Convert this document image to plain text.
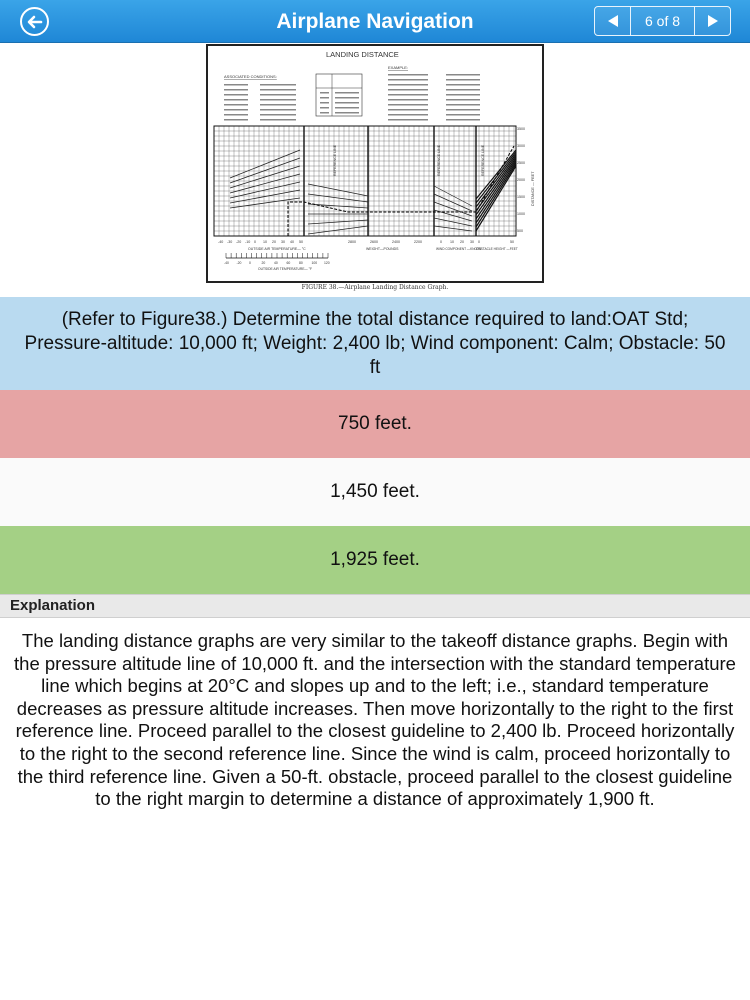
Airplane Navigation	6 of 8
LANDING DISTANCE
ASSOCIATED CONDITIONS:
EXAMPLE:
REFERENCE LINE	REFERENCE LINE	REFERENCE LINE
3500
3000
2500
2000
1500
1000
500
DISTANCE — FEET
-40 -30 -20 -10 0 10 20 30 40 50
OUTSIDE AIR TEMPERATURE— °C
-40 -20 0	20	40	60	80	100 120
OUTSIDE AIR TEMPERATURE— °F
2800	2600	2400	2200
WEIGHT—POUNDS
0 10 20 30
WIND COMPONENT —KNOTS
0	50
OBSTACLE HEIGHT —FEET
FIGURE 38.—Airplane Landing Distance Graph.
(Refer to Figure38.) Determine the total distance required to land:OAT Std; Pressure-altitude: 10,000 ft; Weight: 2,400 lb; Wind component: Calm; Obstacle: 50 ft
750 feet.
1,450 feet.
1,925 feet.
Explanation
The landing distance graphs are very similar to the takeoff distance graphs. Begin with the pressure altitude line of 10,000 ft. and the intersection with the standard temperature line which begins at 20°C and slopes up and to the left; i.e., standard temperature decreases as pressure altitude increases. Then move horizontally to the right to the first reference line. Proceed parallel to the closest guideline to 2,400 lb. Proceed horizontally to the right to the second reference line. Since the wind is calm, proceed horizontally to the third reference line. Given a 50-ft. obstacle, proceed parallel to the closest guideline to the right margin to determine a distance of approximately 1,900 ft.
